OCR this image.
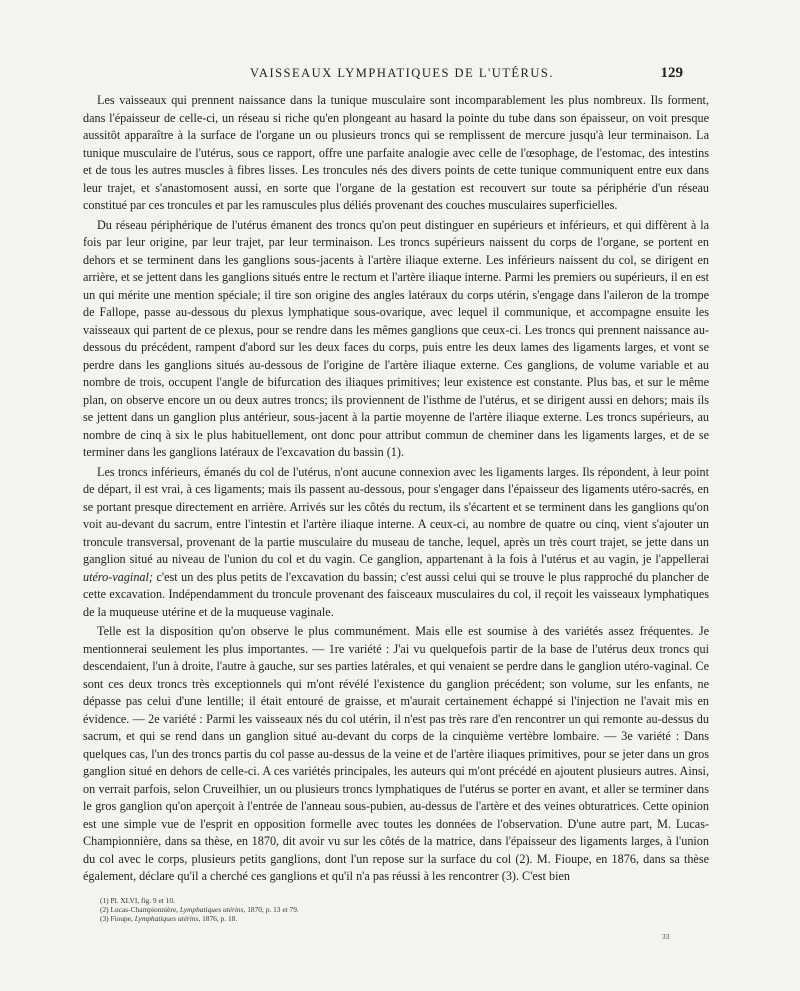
VAISSEAUX LYMPHATIQUES DE L'UTÉRUS.	129

Les vaisseaux qui prennent naissance dans la tunique musculaire sont incomparablement les plus nombreux. Ils forment, dans l'épaisseur de celle-ci, un réseau si riche qu'en plongeant au hasard la pointe du tube dans son épaisseur, on voit presque aussitôt apparaître à la surface de l'organe un ou plusieurs troncs qui se remplissent de mercure jusqu'à leur terminaison. La tunique musculaire de l'utérus, sous ce rapport, offre une parfaite analogie avec celle de l'œsophage, de l'estomac, des intestins et de tous les autres muscles à fibres lisses. Les troncules nés des divers points de cette tunique communiquent entre eux dans leur trajet, et s'anastomosent aussi, en sorte que l'organe de la gestation est recouvert sur toute sa périphérie d'un réseau constitué par ces troncules et par les ramuscules plus déliés provenant des couches musculaires superficielles.

Du réseau périphérique de l'utérus émanent des troncs qu'on peut distinguer en supérieurs et inférieurs, et qui diffèrent à la fois par leur origine, par leur trajet, par leur terminaison. Les troncs supérieurs naissent du corps de l'organe, se portent en dehors et se terminent dans les ganglions sous-jacents à l'artère iliaque externe. Les inférieurs naissent du col, se dirigent en arrière, et se jettent dans les ganglions situés entre le rectum et l'artère iliaque interne. Parmi les premiers ou supérieurs, il en est un qui mérite une mention spéciale; il tire son origine des angles latéraux du corps utérin, s'engage dans l'aileron de la trompe de Fallope, passe au-dessous du plexus lymphatique sous-ovarique, avec lequel il communique, et accompagne ensuite les vaisseaux qui partent de ce plexus, pour se rendre dans les mêmes ganglions que ceux-ci. Les troncs qui prennent naissance au-dessous du précédent, rampent d'abord sur les deux faces du corps, puis entre les deux lames des ligaments larges, et vont se perdre dans les ganglions situés au-dessous de l'origine de l'artère iliaque externe. Ces ganglions, de volume variable et au nombre de trois, occupent l'angle de bifurcation des iliaques primitives; leur existence est constante. Plus bas, et sur le même plan, on observe encore un ou deux autres troncs; ils proviennent de l'isthme de l'utérus, et se dirigent aussi en dehors; mais ils se jettent dans un ganglion plus antérieur, sous-jacent à la partie moyenne de l'artère iliaque externe. Les troncs supérieurs, au nombre de cinq à six le plus habituellement, ont donc pour attribut commun de cheminer dans les ligaments larges, et de se terminer dans les ganglions latéraux de l'excavation du bassin (1).

Les troncs inférieurs, émanés du col de l'utérus, n'ont aucune connexion avec les ligaments larges. Ils répondent, à leur point de départ, il est vrai, à ces ligaments; mais ils passent au-dessous, pour s'engager dans l'épaisseur des ligaments utéro-sacrés, en se portant presque directement en arrière. Arrivés sur les côtés du rectum, ils s'écartent et se terminent dans les ganglions qu'on voit au-devant du sacrum, entre l'intestin et l'artère iliaque interne. A ceux-ci, au nombre de quatre ou cinq, vient s'ajouter un troncule transversal, provenant de la partie musculaire du museau de tanche, lequel, après un très court trajet, se jette dans un ganglion situé au niveau de l'union du col et du vagin. Ce ganglion, appartenant à la fois à l'utérus et au vagin, je l'appellerai utéro-vaginal; c'est un des plus petits de l'excavation du bassin; c'est aussi celui qui se trouve le plus rapproché du plancher de cette excavation. Indépendamment du troncule provenant des faisceaux musculaires du col, il reçoit les vaisseaux lymphatiques de la muqueuse utérine et de la muqueuse vaginale.

Telle est la disposition qu'on observe le plus communément. Mais elle est soumise à des variétés assez fréquentes. Je mentionnerai seulement les plus importantes. — 1re variété : J'ai vu quelquefois partir de la base de l'utérus deux troncs qui descendaient, l'un à droite, l'autre à gauche, sur ses parties latérales, et qui venaient se perdre dans le ganglion utéro-vaginal. Ce sont ces deux troncs très exceptionnels qui m'ont révélé l'existence du ganglion précédent; son volume, sur les enfants, ne dépasse pas celui d'une lentille; il était entouré de graisse, et m'aurait certainement échappé si l'injection ne l'avait mis en évidence. — 2e variété : Parmi les vaisseaux nés du col utérin, il n'est pas très rare d'en rencontrer un qui remonte au-dessus du sacrum, et qui se rend dans un ganglion situé au-devant du corps de la cinquième vertèbre lombaire. — 3e variété : Dans quelques cas, l'un des troncs partis du col passe au-dessus de la veine et de l'artère iliaques primitives, pour se jeter dans un gros ganglion situé en dehors de celle-ci. A ces variétés principales, les auteurs qui m'ont précédé en ajoutent plusieurs autres. Ainsi, on verrait parfois, selon Cruveilhier, un ou plusieurs troncs lymphatiques de l'utérus se porter en avant, et aller se terminer dans le gros ganglion qu'on aperçoit à l'entrée de l'anneau sous-pubien, au-dessus de l'artère et des veines obturatrices. Cette opinion est une simple vue de l'esprit en opposition formelle avec toutes les données de l'observation. D'une autre part, M. Lucas-Championnière, dans sa thèse, en 1870, dit avoir vu sur les côtés de la matrice, dans l'épaisseur des ligaments larges, à l'union du col avec le corps, plusieurs petits ganglions, dont l'un repose sur la surface du col (2). M. Fioupe, en 1876, dans sa thèse également, déclare qu'il a cherché ces ganglions et qu'il n'a pas réussi à les rencontrer (3). C'est bien

(1) Pl. XLVI, fig. 9 et 10.
(2) Lucas-Championnière, Lymphatiques utérins, 1870, p. 13 et 79.
(3) Fioupe, Lymphatiques utérins, 1876, p. 18.
33
